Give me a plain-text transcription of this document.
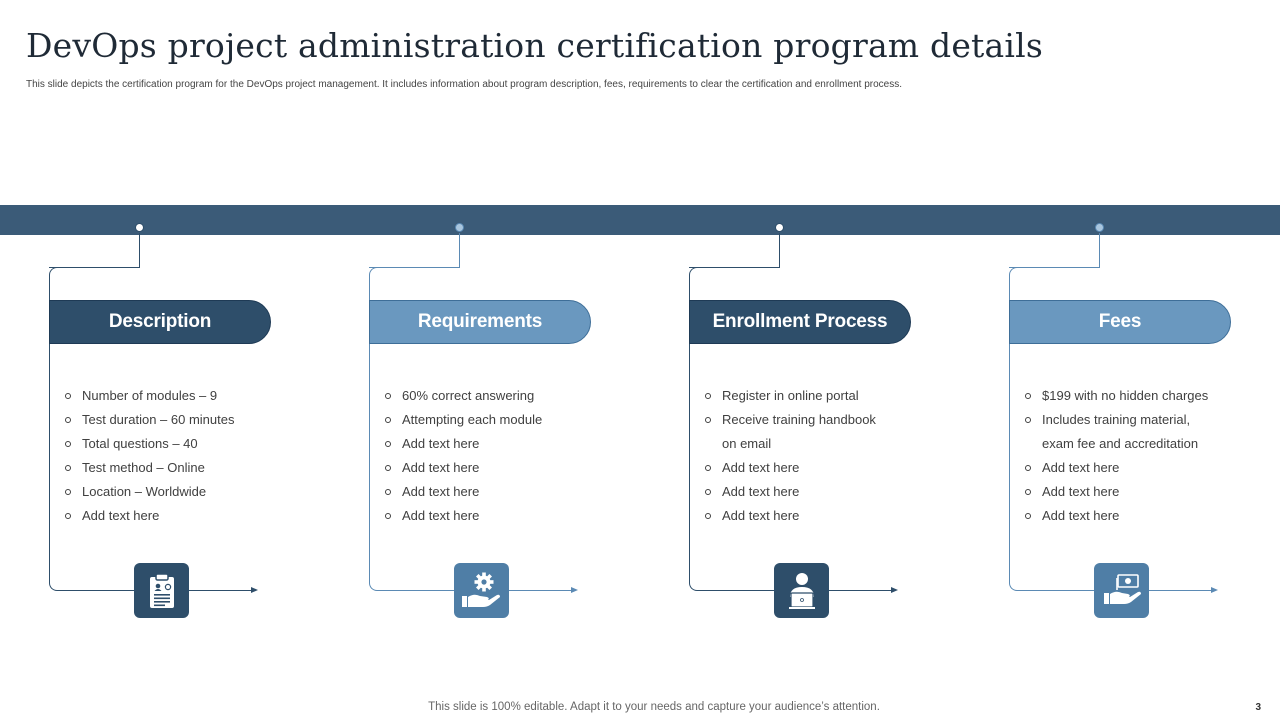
DevOps project administration certification program details
This slide depicts the certification program for the DevOps project management. It includes information about program description, fees, requirements to clear the certification and enrollment process.
Description
Number of modules – 9
Test duration – 60 minutes
Total questions – 40
Test method – Online
Location – Worldwide
Add text here
Requirements
60% correct answering
Attempting each module
Add text here
Add text here
Add text here
Add text here
Enrollment Process
Register in online portal
Receive training handbook
on email
Add text here
Add text here
Add text here
Fees
$199 with no hidden charges
Includes training material,
exam fee and accreditation
Add text here
Add text here
Add text here
This slide is 100% editable. Adapt it to your needs and capture your audience’s attention.	3
